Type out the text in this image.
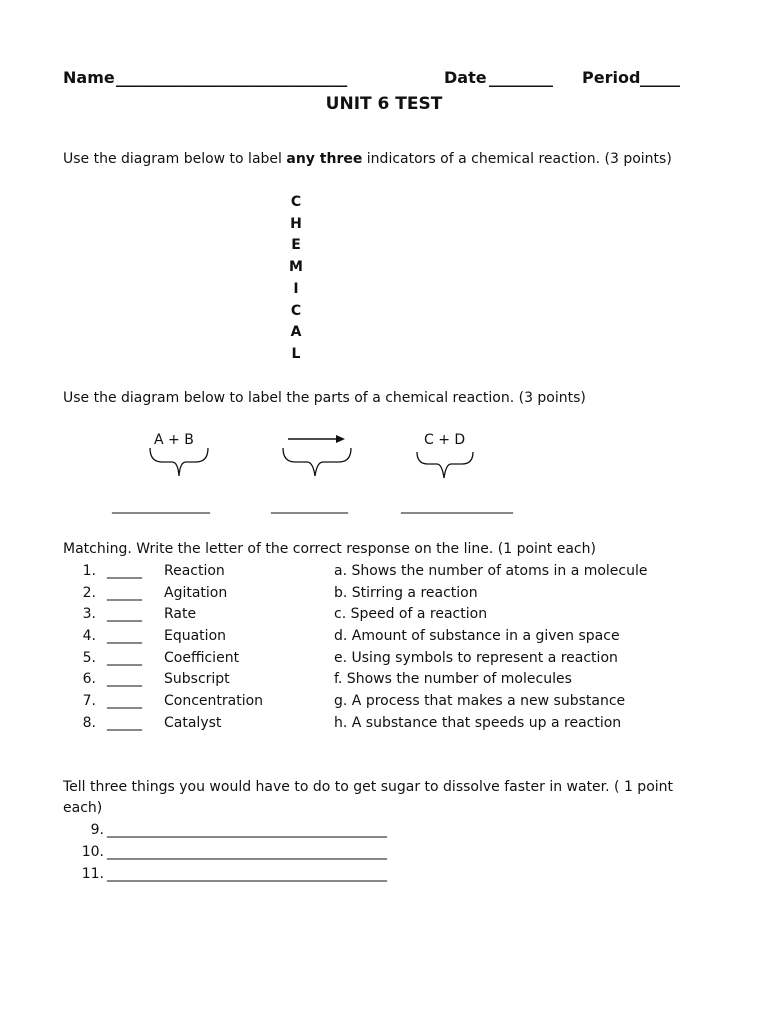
Name ______________________________	Date ________ Period _____
UNIT 6 TEST
Use the diagram below to label any three indicators of a chemical reaction. (3 points)
C
H
E
M
I
C
A
L
Use the diagram below to label the parts of a chemical reaction. (3 points)
A + B	C + D
______________	___________	________________
Matching. Write the letter of the correct response on the line. (1 point each)
1. _____ Reaction	a. Shows the number of atoms in a molecule
2. _____ Agitation	b. Stirring a reaction
3. _____ Rate	c. Speed of a reaction
4. _____ Equation	d. Amount of substance in a given space
5. _____ Coefficient	e. Using symbols to represent a reaction
6. _____ Subscript	f. Shows the number of molecules
7. _____ Concentration	g. A process that makes a new substance
8. _____ Catalyst	h. A substance that speeds up a reaction
Tell three things you would have to do to get sugar to dissolve faster in water. ( 1 point
each)
9. ________________________________________
10. ________________________________________
11. ________________________________________
